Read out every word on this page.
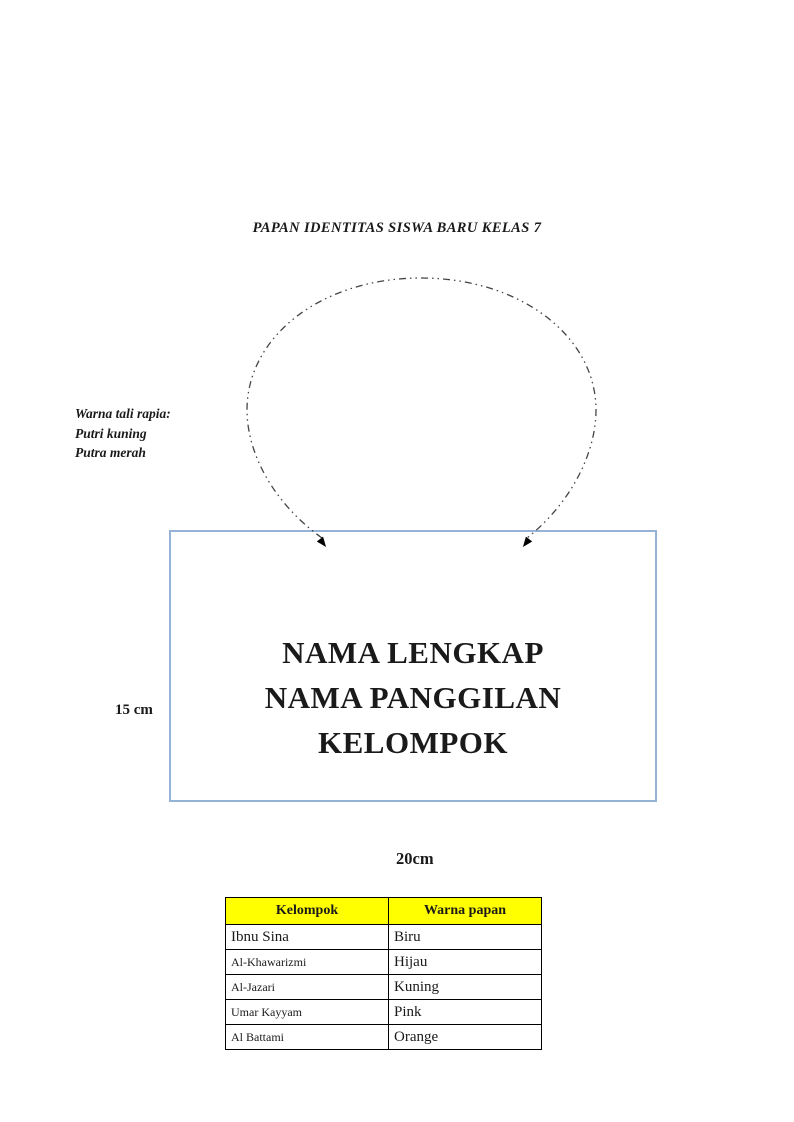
PAPAN IDENTITAS SISWA BARU KELAS 7
Warna tali rapia:
Putri kuning
Putra merah
NAMA LENGKAP
NAMA PANGGILAN
KELOMPOK
15 cm
20cm
Kelompok	Warna papan
Ibnu Sina	Biru
Al-Khawarizmi	Hijau
Al-Jazari	Kuning
Umar Kayyam	Pink
Al Battami	Orange
